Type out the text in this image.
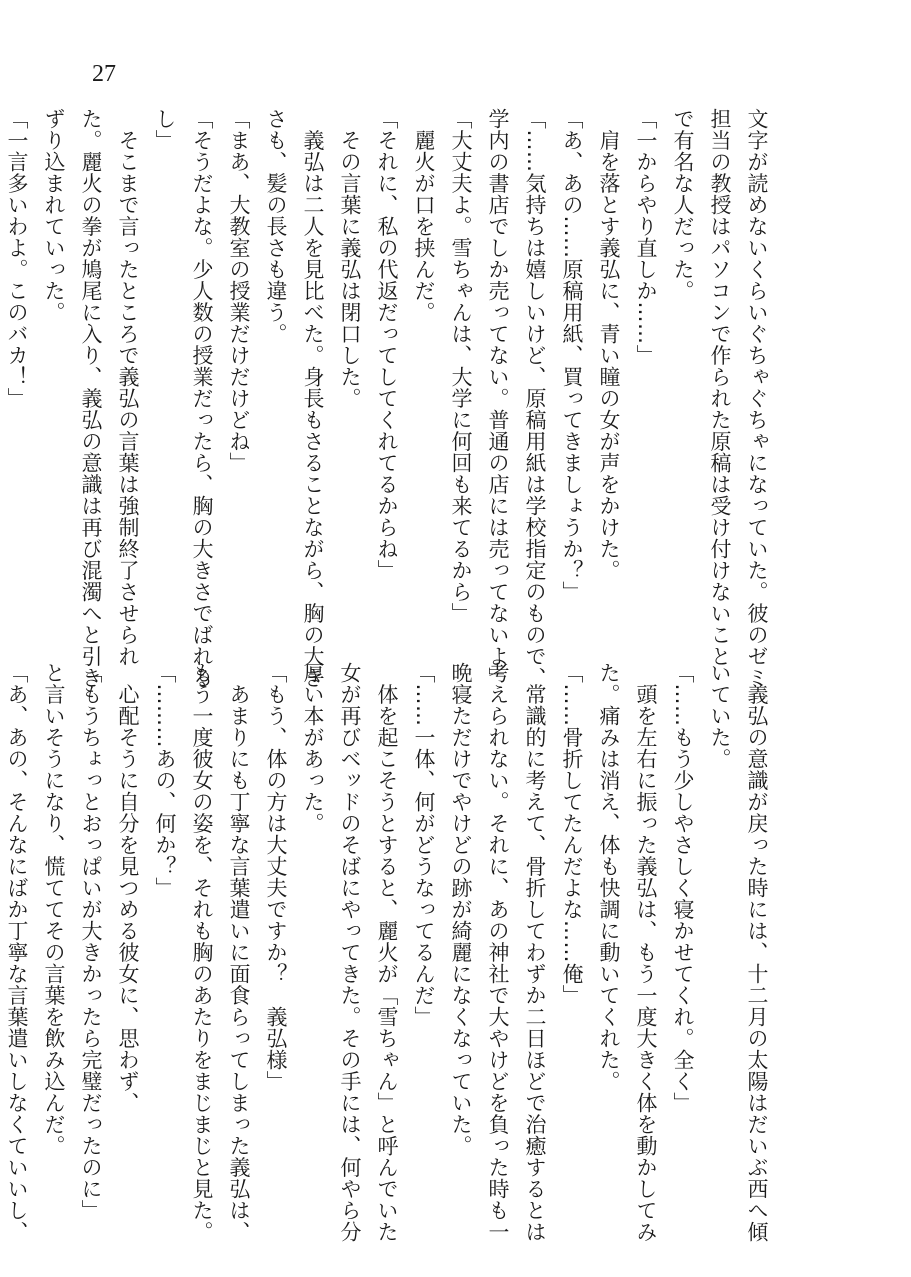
27
文字が読めないくらいぐちゃぐちゃになっていた。彼のゼミ
担当の教授はパソコンで作られた原稿は受け付けないこと
で有名な人だった。
「一からやり直しか……」
　肩を落とす義弘に、青い瞳の女が声をかけた。
「あ、あの……原稿用紙、買ってきましょうか？」
「……気持ちは嬉しいけど、原稿用紙は学校指定のもので、
学内の書店でしか売ってない。普通の店には売ってないよ」
「大丈夫よ。雪ちゃんは、大学に何回も来てるから」
　麗火が口を挟んだ。
「それに、私の代返だってしてくれてるからね」
　その言葉に義弘は閉口した。
　義弘は二人を見比べた。身長もさることながら、胸の大き
さも、髪の長さも違う。
「まあ、大教室の授業だけだけどね」
「そうだよな。少人数の授業だったら、胸の大きさでばれる
し」
　そこまで言ったところで義弘の言葉は強制終了させられ
た。麗火の拳が鳩尾に入り、義弘の意識は再び混濁へと引き
ずり込まれていった。
「一言多いわよ。このバカ！」
　義弘の意識が戻った時には、十二月の太陽はだいぶ西へ傾
いていた。
「……もう少しやさしく寝かせてくれ。全く」
　頭を左右に振った義弘は、もう一度大きく体を動かしてみ
た。痛みは消え、体も快調に動いてくれた。
「……骨折してたんだよな……俺」
　常識的に考えて、骨折してわずか二日ほどで治癒するとは
考えられない。それに、あの神社で大やけどを負った時も一
晩寝ただけでやけどの跡が綺麗になくなっていた。
「……一体、何がどうなってるんだ」
　体を起こそうとすると、麗火が「雪ちゃん」と呼んでいた
女が再びベッドのそばにやってきた。その手には、何やら分
厚い本があった。
「もう、体の方は大丈夫ですか？　義弘様」
　あまりにも丁寧な言葉遣いに面食らってしまった義弘は、
もう一度彼女の姿を、それも胸のあたりをまじまじと見た。
「………あの、何か？」
　心配そうに自分を見つめる彼女に、思わず、
「もうちょっとおっぱいが大きかったら完璧だったのに」
と言いそうになり、慌ててその言葉を飲み込んだ。
「あ、あの、そんなにばか丁寧な言葉遣いしなくていいし、
